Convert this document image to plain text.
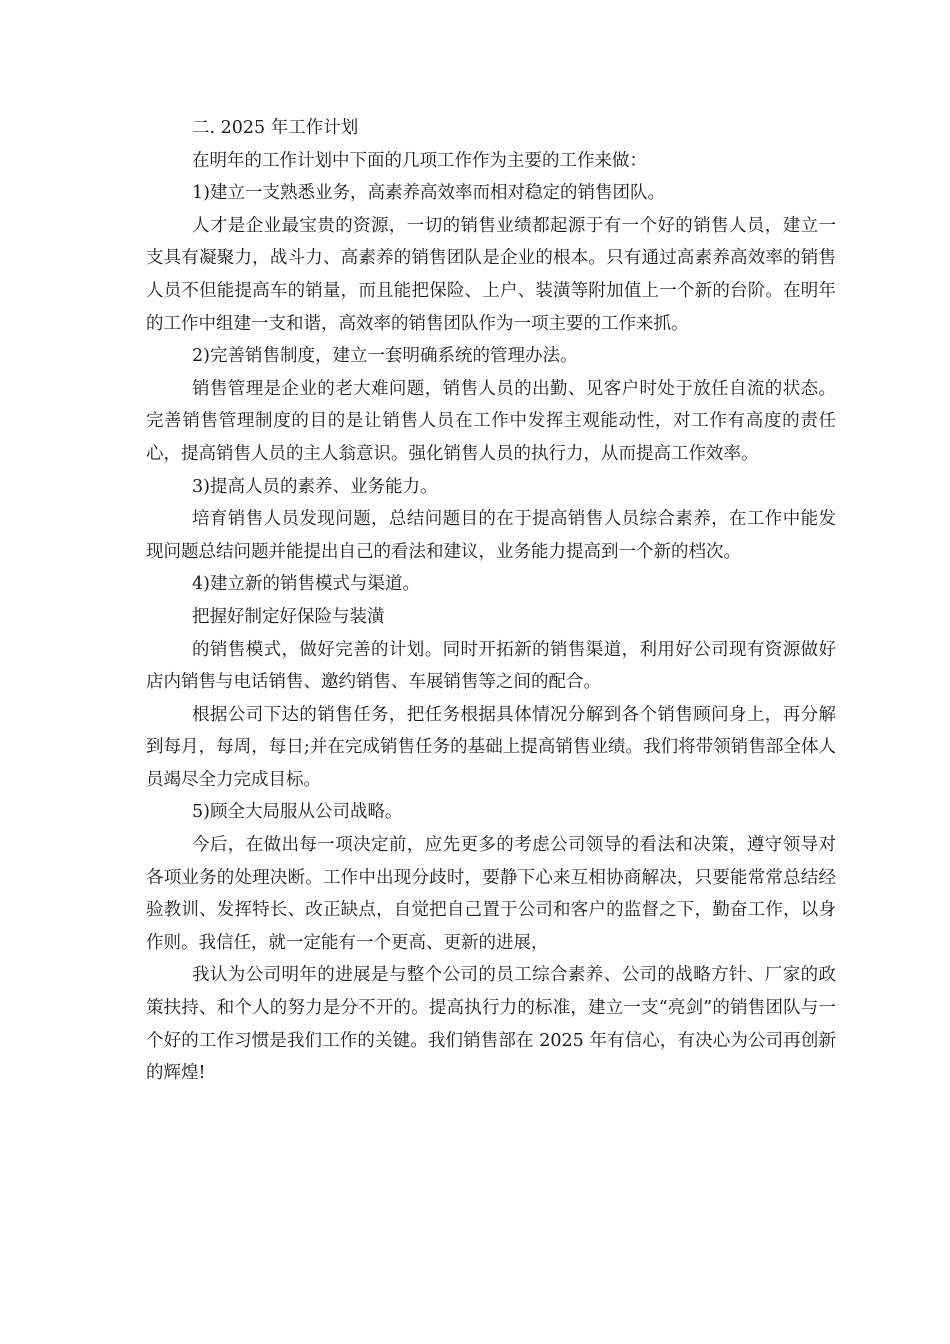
二. 2025 年工作计划

在明年的工作计划中下面的几项工作作为主要的工作来做：

1)建立一支熟悉业务，高素养高效率而相对稳定的销售团队。

人才是企业最宝贵的资源，一切的销售业绩都起源于有一个好的销售人员，建立一支具有凝聚力，战斗力、高素养的销售团队是企业的根本。只有通过高素养高效率的销售人员不但能提高车的销量，而且能把保险、上户、装潢等附加值上一个新的台阶。在明年的工作中组建一支和谐，高效率的销售团队作为一项主要的工作来抓。

2)完善销售制度，建立一套明确系统的管理办法。

销售管理是企业的老大难问题，销售人员的出勤、见客户时处于放任自流的状态。完善销售管理制度的目的是让销售人员在工作中发挥主观能动性，对工作有高度的责任心，提高销售人员的主人翁意识。强化销售人员的执行力，从而提高工作效率。

3)提高人员的素养、业务能力。

培育销售人员发现问题，总结问题目的在于提高销售人员综合素养，在工作中能发现问题总结问题并能提出自己的看法和建议，业务能力提高到一个新的档次。

4)建立新的销售模式与渠道。

把握好制定好保险与装潢

的销售模式，做好完善的计划。同时开拓新的销售渠道，利用好公司现有资源做好店内销售与电话销售、邀约销售、车展销售等之间的配合。

根据公司下达的销售任务，把任务根据具体情况分解到各个销售顾问身上，再分解到每月，每周，每日;并在完成销售任务的基础上提高销售业绩。我们将带领销售部全体人员竭尽全力完成目标。

5)顾全大局服从公司战略。

今后，在做出每一项决定前，应先更多的考虑公司领导的看法和决策，遵守领导对各项业务的处理决断。工作中出现分歧时，要静下心来互相协商解决，只要能常常总结经验教训、发挥特长、改正缺点，自觉把自己置于公司和客户的监督之下，勤奋工作，以身作则。我信任，就一定能有一个更高、更新的进展，

我认为公司明年的进展是与整个公司的员工综合素养、公司的战略方针、厂家的政策扶持、和个人的努力是分不开的。提高执行力的标准，建立一支“亮剑”的销售团队与一个好的工作习惯是我们工作的关键。我们销售部在 2025 年有信心，有决心为公司再创新的辉煌!
